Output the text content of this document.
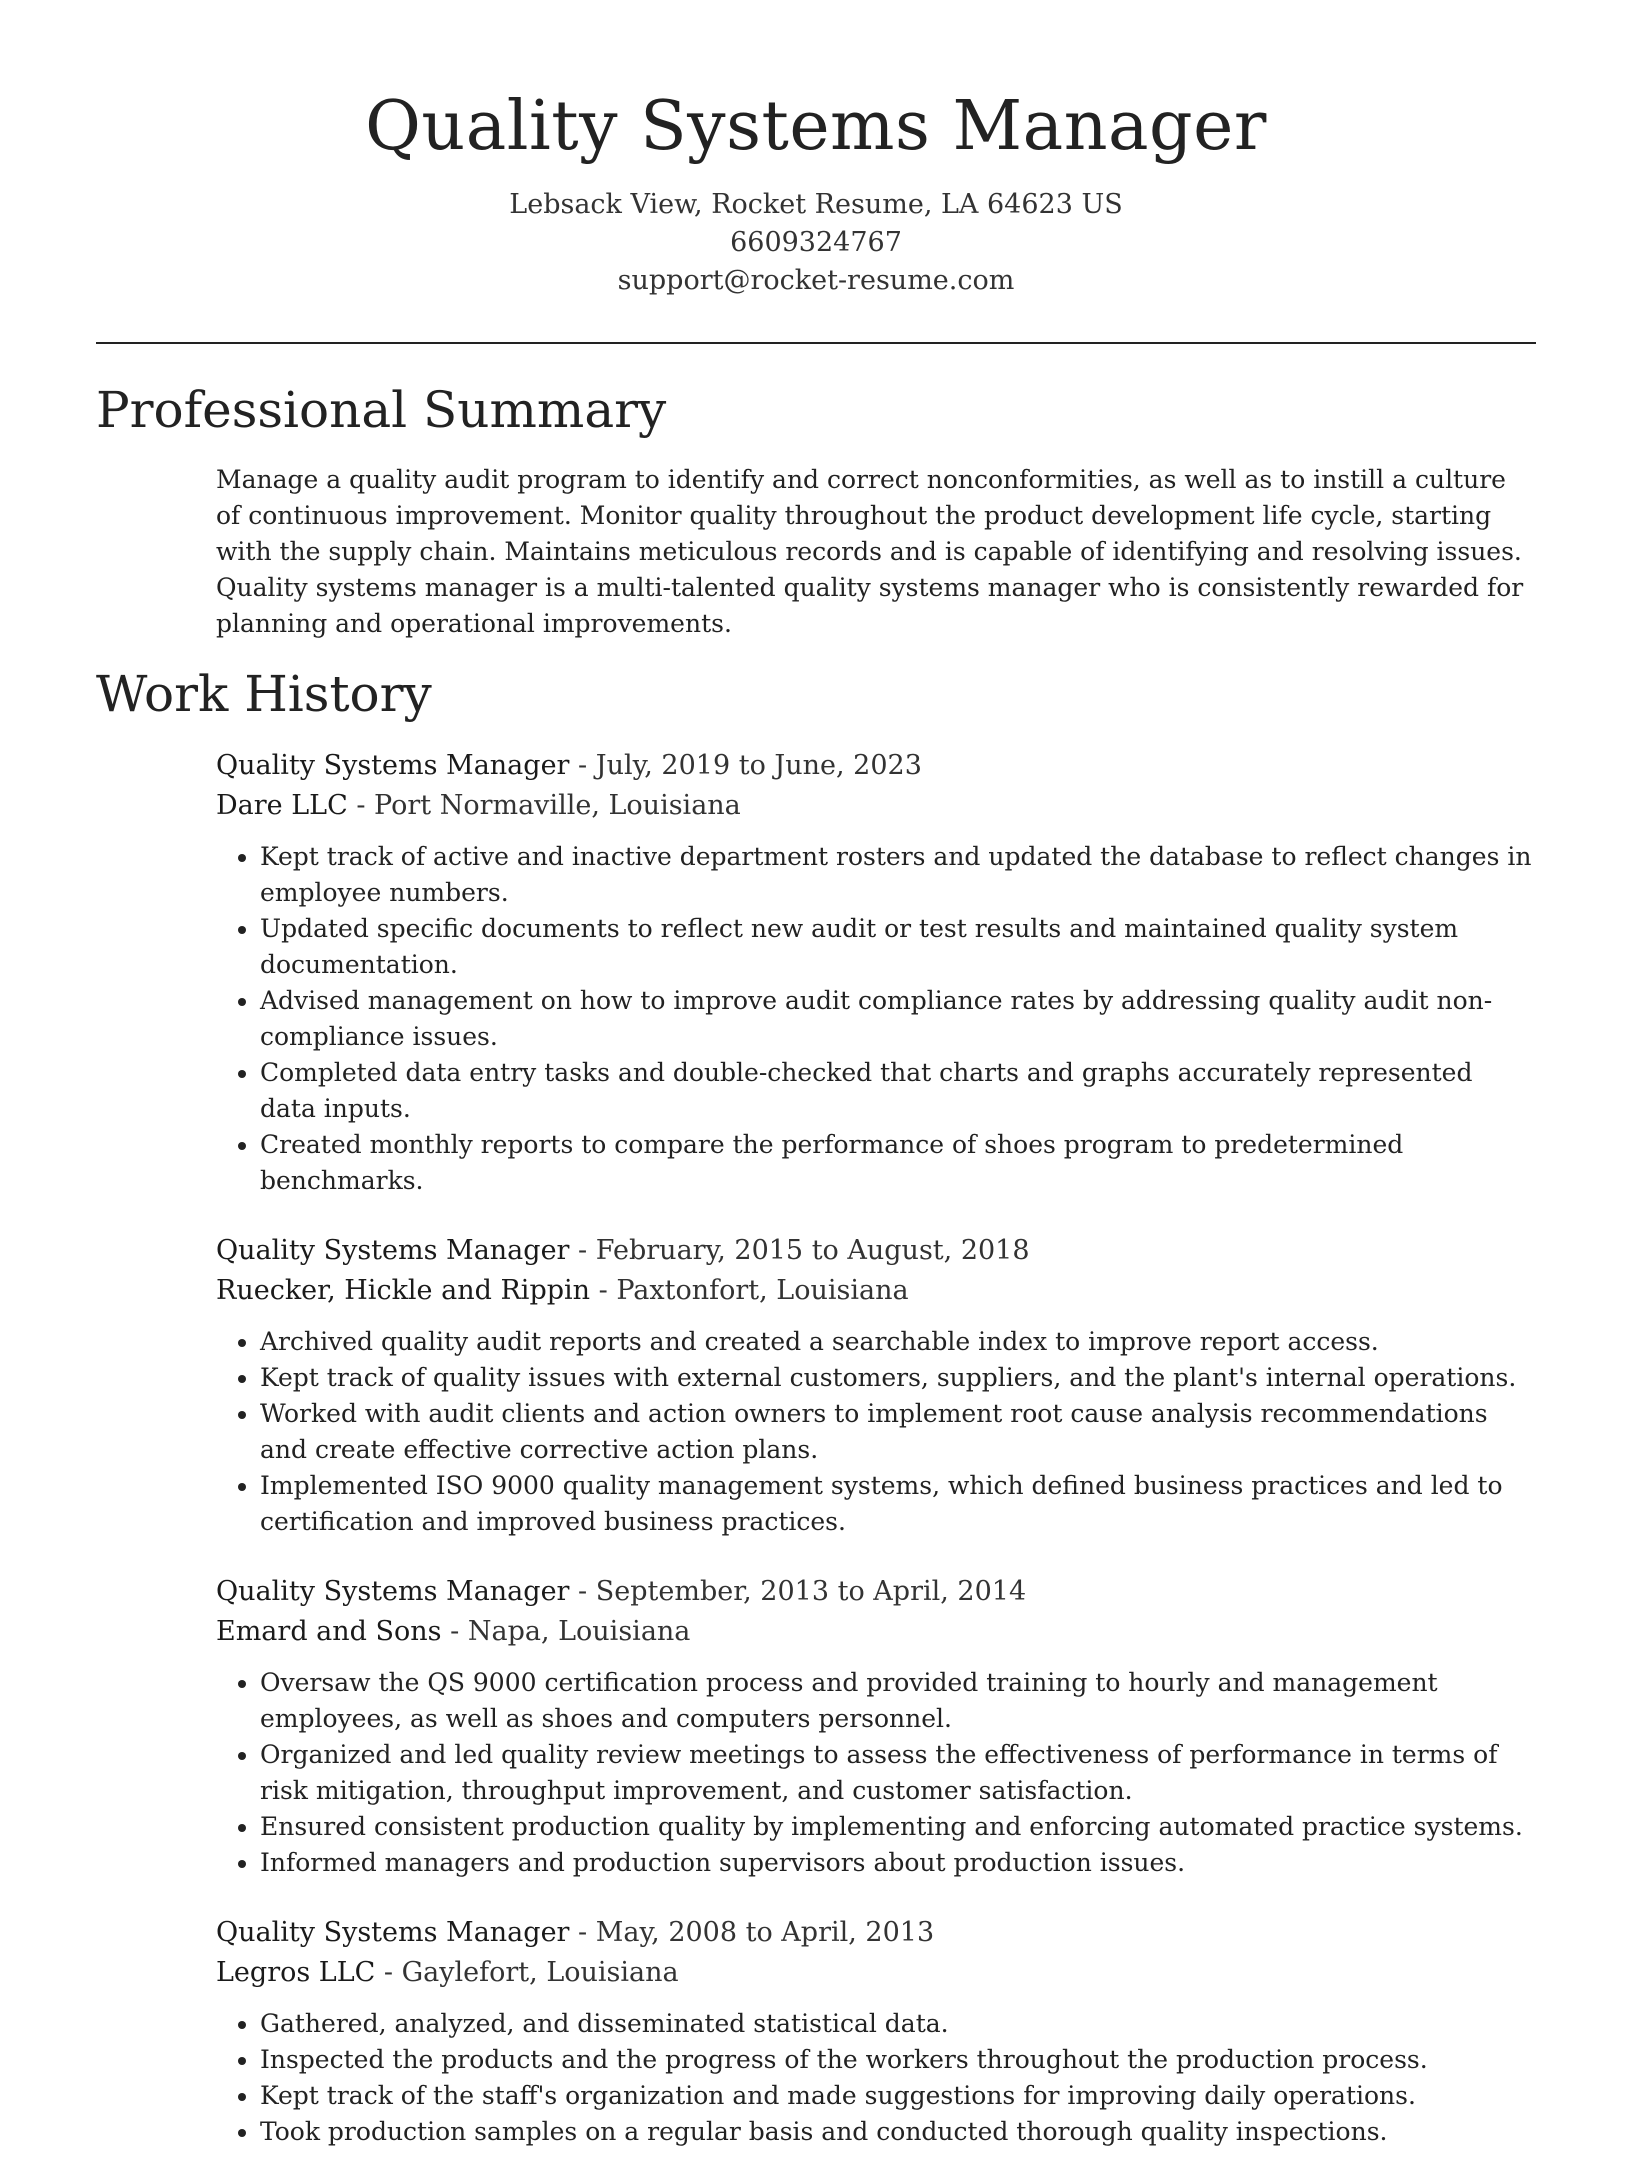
Quality Systems Manager
Lebsack View, Rocket Resume, LA 64623 US
6609324767
support@rocket-resume.com
Professional Summary

Manage a quality audit program to identify and correct nonconformities, as well as to instill a culture of continuous improvement. Monitor quality throughout the product development life cycle, starting with the supply chain. Maintains meticulous records and is capable of identifying and resolving issues. Quality systems manager is a multi-talented quality systems manager who is consistently rewarded for planning and operational improvements.

Work History
Quality Systems Manager - July, 2019 to June, 2023
Dare LLC - Port Normaville, Louisiana
• Kept track of active and inactive department rosters and updated the database to reflect changes in employee numbers.
• Updated specific documents to reflect new audit or test results and maintained quality system documentation.
• Advised management on how to improve audit compliance rates by addressing quality audit non-compliance issues.
• Completed data entry tasks and double-checked that charts and graphs accurately represented data inputs.
• Created monthly reports to compare the performance of shoes program to predetermined benchmarks.
Quality Systems Manager - February, 2015 to August, 2018
Ruecker, Hickle and Rippin - Paxtonfort, Louisiana
• Archived quality audit reports and created a searchable index to improve report access.
• Kept track of quality issues with external customers, suppliers, and the plant's internal operations.
• Worked with audit clients and action owners to implement root cause analysis recommendations and create effective corrective action plans.
• Implemented ISO 9000 quality management systems, which defined business practices and led to certification and improved business practices.
Quality Systems Manager - September, 2013 to April, 2014
Emard and Sons - Napa, Louisiana
• Oversaw the QS 9000 certification process and provided training to hourly and management employees, as well as shoes and computers personnel.
• Organized and led quality review meetings to assess the effectiveness of performance in terms of risk mitigation, throughput improvement, and customer satisfaction.
• Ensured consistent production quality by implementing and enforcing automated practice systems.
• Informed managers and production supervisors about production issues.
Quality Systems Manager - May, 2008 to April, 2013
Legros LLC - Gaylefort, Louisiana
• Gathered, analyzed, and disseminated statistical data.
• Inspected the products and the progress of the workers throughout the production process.
• Kept track of the staff's organization and made suggestions for improving daily operations.
• Took production samples on a regular basis and conducted thorough quality inspections.
